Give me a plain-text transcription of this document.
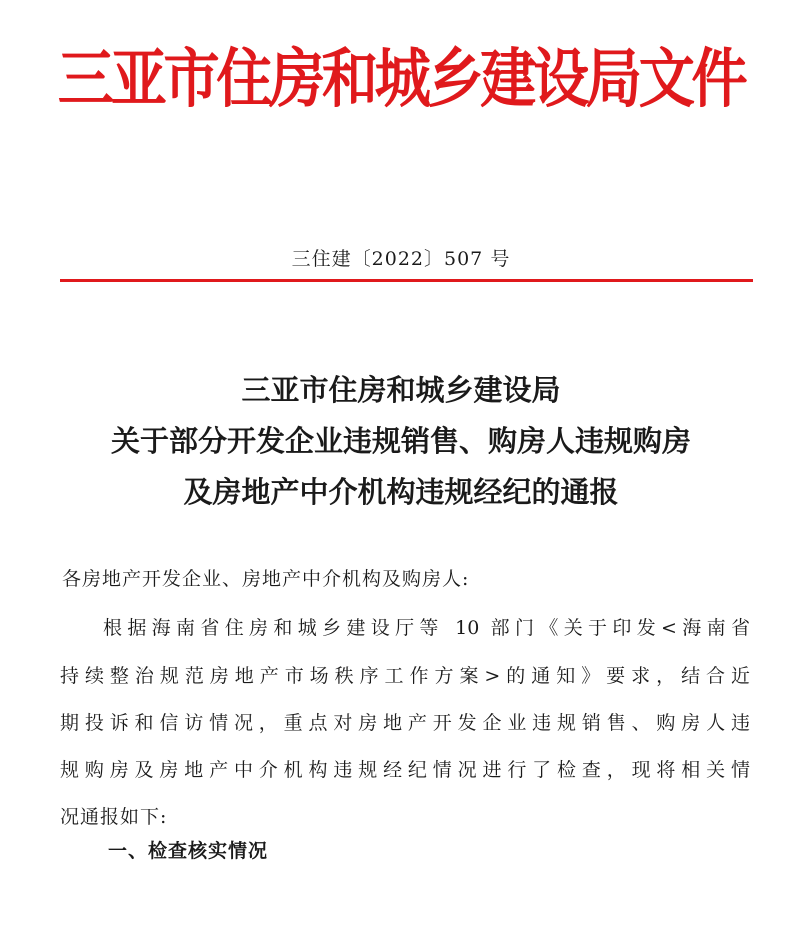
三亚市住房和城乡建设局文件
三住建〔2022〕507 号
三亚市住房和城乡建设局
关于部分开发企业违规销售、购房人违规购房
及房地产中介机构违规经纪的通报
各房地产开发企业、房地产中介机构及购房人:
根据海南省住房和城乡建设厅等 10 部门《关于印发<海南省
持续整治规范房地产市场秩序工作方案>的通知》要求，结合近
期投诉和信访情况，重点对房地产开发企业违规销售、购房人违
规购房及房地产中介机构违规经纪情况进行了检查，现将相关情
况通报如下:
一、检查核实情况
